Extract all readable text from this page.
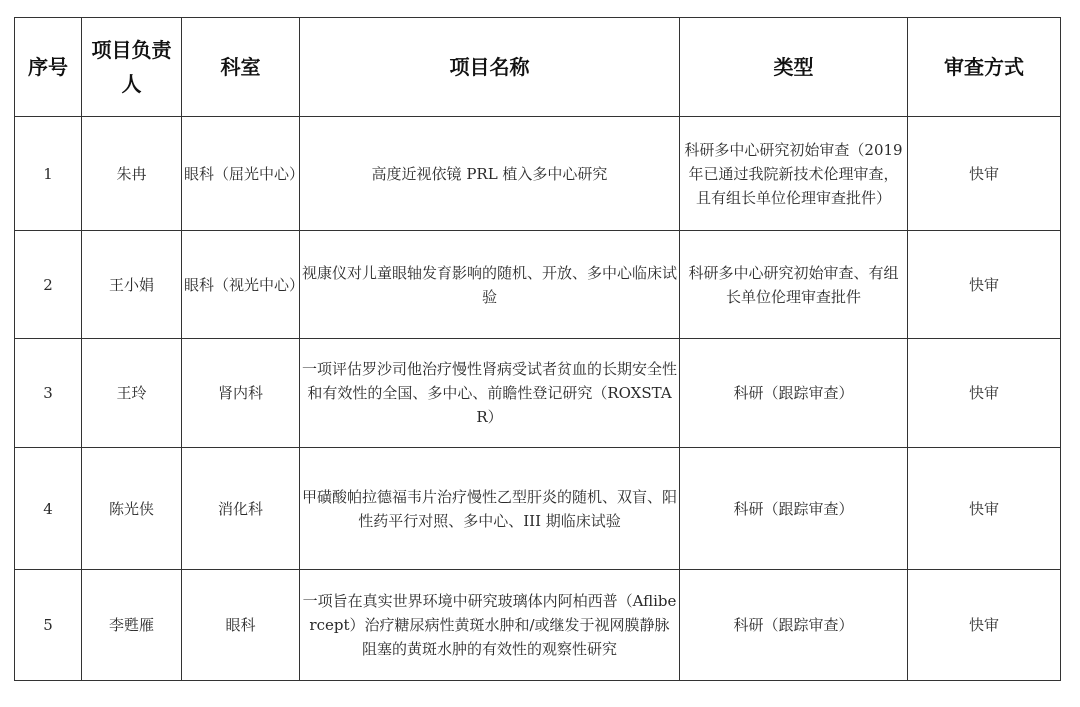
序号	项目负责人	科室	项目名称	类型	审查方式
1	朱冉	眼科（屈光中心）	高度近视依镜 PRL 植入多中心研究	科研多中心研究初始审查（2019 年已通过我院新技术伦理审查，且有组长单位伦理审查批件）	快审
2	王小娟	眼科（视光中心）	视康仪对儿童眼轴发育影响的随机、开放、多中心临床试验	科研多中心研究初始审查、有组长单位伦理审查批件	快审
3	王玲	肾内科	一项评估罗沙司他治疗慢性肾病受试者贫血的长期安全性和有效性的全国、多中心、前瞻性登记研究（ROXSTAR）	科研（跟踪审查）	快审
4	陈光侠	消化科	甲磺酸帕拉德福韦片治疗慢性乙型肝炎的随机、双盲、阳性药平行对照、多中心、III 期临床试验	科研（跟踪审查）	快审
5	李甦雁	眼科	一项旨在真实世界环境中研究玻璃体内阿柏西普（Aflibercept）治疗糖尿病性黄斑水肿和/或继发于视网膜静脉阻塞的黄斑水肿的有效性的观察性研究	科研（跟踪审查）	快审
